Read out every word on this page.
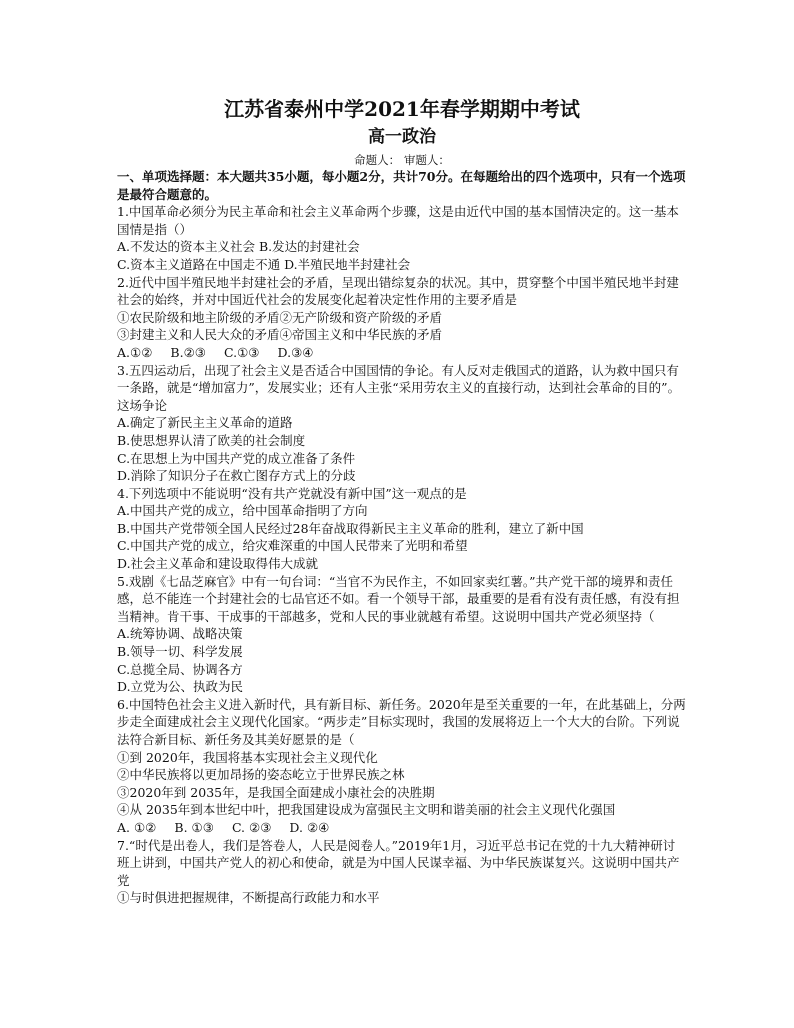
江苏省泰州中学2021年春学期期中考试
高一政治

命题人： 审题人：

一、单项选择题：本大题共35小题，每小题2分，共计70分。在每题给出的四个选项中，只有一个选项是最符合题意的。

1.中国革命必须分为民主革命和社会主义革命两个步骤，这是由近代中国的基本国情决定的。这一基本国情是指（）

A.不发达的资本主义社会 B.发达的封建社会

C.资本主义道路在中国走不通 D.半殖民地半封建社会

2.近代中国半殖民地半封建社会的矛盾，呈现出错综复杂的状况。其中，贯穿整个中国半殖民地半封建社会的始终，并对中国近代社会的发展变化起着决定性作用的主要矛盾是

①农民阶级和地主阶级的矛盾②无产阶级和资产阶级的矛盾

③封建主义和人民大众的矛盾④帝国主义和中华民族的矛盾

A.①② B.②③ C.①③ D.③④

3.五四运动后，出现了社会主义是否适合中国国情的争论。有人反对走俄国式的道路，认为救中国只有一条路，就是“增加富力”，发展实业；还有人主张“采用劳农主义的直接行动，达到社会革命的目的”。这场争论

A.确定了新民主主义革命的道路

B.使思想界认清了欧美的社会制度

C.在思想上为中国共产党的成立准备了条件

D.消除了知识分子在救亡图存方式上的分歧

4.下列选项中不能说明“没有共产党就没有新中国”这一观点的是

A.中国共产党的成立，给中国革命指明了方向

B.中国共产党带领全国人民经过28年奋战取得新民主主义革命的胜利，建立了新中国

C.中国共产党的成立，给灾难深重的中国人民带来了光明和希望

D.社会主义革命和建设取得伟大成就

5.戏剧《七品芝麻官》中有一句台词：“当官不为民作主，不如回家卖红薯。”共产党干部的境界和责任感，总不能连一个封建社会的七品官还不如。看一个领导干部，最重要的是看有没有责任感，有没有担当精神。肯干事、干成事的干部越多，党和人民的事业就越有希望。这说明中国共产党必须坚持（

A.统筹协调、战略决策

B.领导一切、科学发展

C.总揽全局、协调各方

D.立党为公、执政为民

6.中国特色社会主义进入新时代，具有新目标、新任务。2020年是至关重要的一年，在此基础上，分两步走全面建成社会主义现代化国家。“两步走”目标实现时，我国的发展将迈上一个大大的台阶。下列说法符合新目标、新任务及其美好愿景的是（

①到 2020年，我国将基本实现社会主义现代化

②中华民族将以更加昂扬的姿态屹立于世界民族之林

③2020年到 2035年，是我国全面建成小康社会的决胜期

④从 2035年到本世纪中叶，把我国建设成为富强民主文明和谐美丽的社会主义现代化强国

A. ①② B. ①③ C. ②③ D. ②④

7.“时代是出卷人，我们是答卷人，人民是阅卷人。”2019年1月，习近平总书记在党的十九大精神研讨班上讲到，中国共产党人的初心和使命，就是为中国人民谋幸福、为中华民族谋复兴。这说明中国共产党

①与时俱进把握规律，不断提高行政能力和水平
